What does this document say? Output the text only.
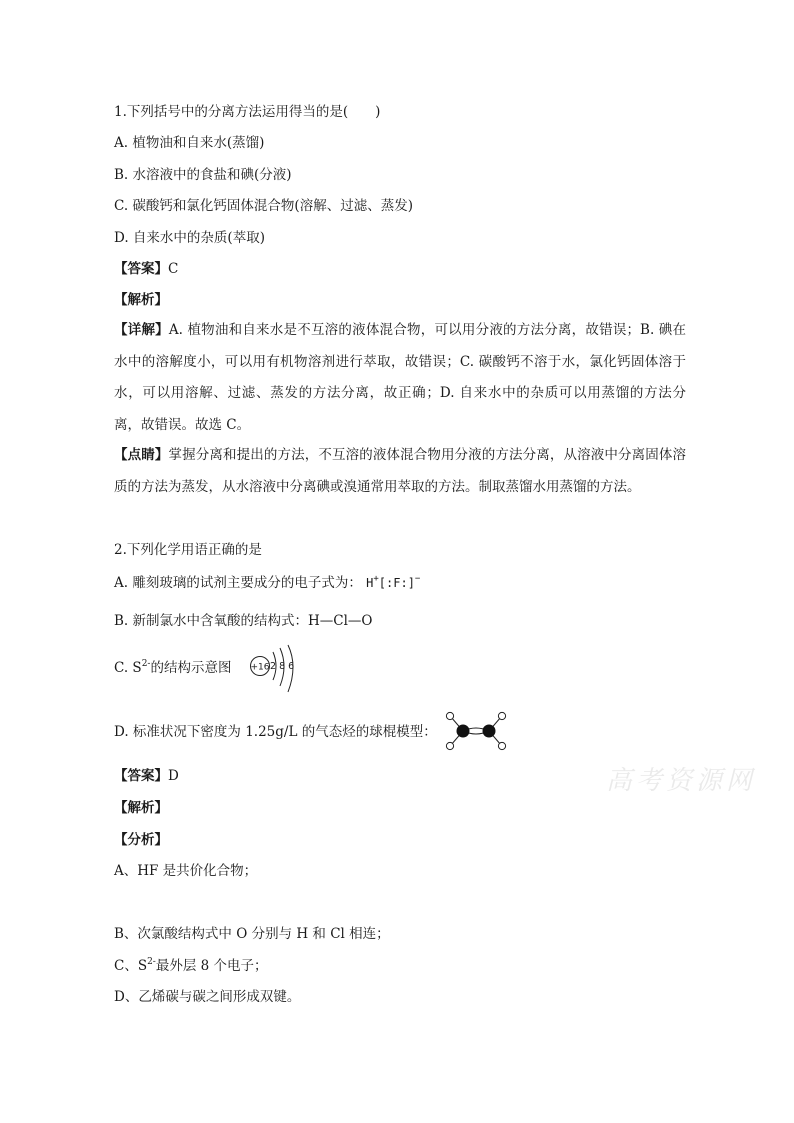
1.下列括号中的分离方法运用得当的是(　　)
A. 植物油和自来水(蒸馏)
B. 水溶液中的食盐和碘(分液)
C. 碳酸钙和氯化钙固体混合物(溶解、过滤、蒸发)
D. 自来水中的杂质(萃取)
【答案】C
【解析】
【详解】A. 植物油和自来水是不互溶的液体混合物，可以用分液的方法分离，故错误；B. 碘在水中的溶解度小，可以用有机物溶剂进行萃取，故错误；C. 碳酸钙不溶于水，氯化钙固体溶于水，可以用溶解、过滤、蒸发的方法分离，故正确；D. 自来水中的杂质可以用蒸馏的方法分离，故错误。故选 C。
【点睛】掌握分离和提出的方法，不互溶的液体混合物用分液的方法分离，从溶液中分离固体溶质的方法为蒸发，从水溶液中分离碘或溴通常用萃取的方法。制取蒸馏水用蒸馏的方法。
2.下列化学用语正确的是
A. 雕刻玻璃的试剂主要成分的电子式为： H+[:F:]−
B. 新制氯水中含氧酸的结构式：H—Cl—O
C. $S^{2-}$的结构示意图 +16 2 8 6
D. 标准状况下密度为 1.25g/L 的气态烃的球棍模型：
高考资源网
【答案】D
【解析】
【分析】
A、HF 是共价化合物；
B、次氯酸结构式中 O 分别与 H 和 Cl 相连；
C、$S^{2-}$最外层 8 个电子；
D、乙烯碳与碳之间形成双键。
